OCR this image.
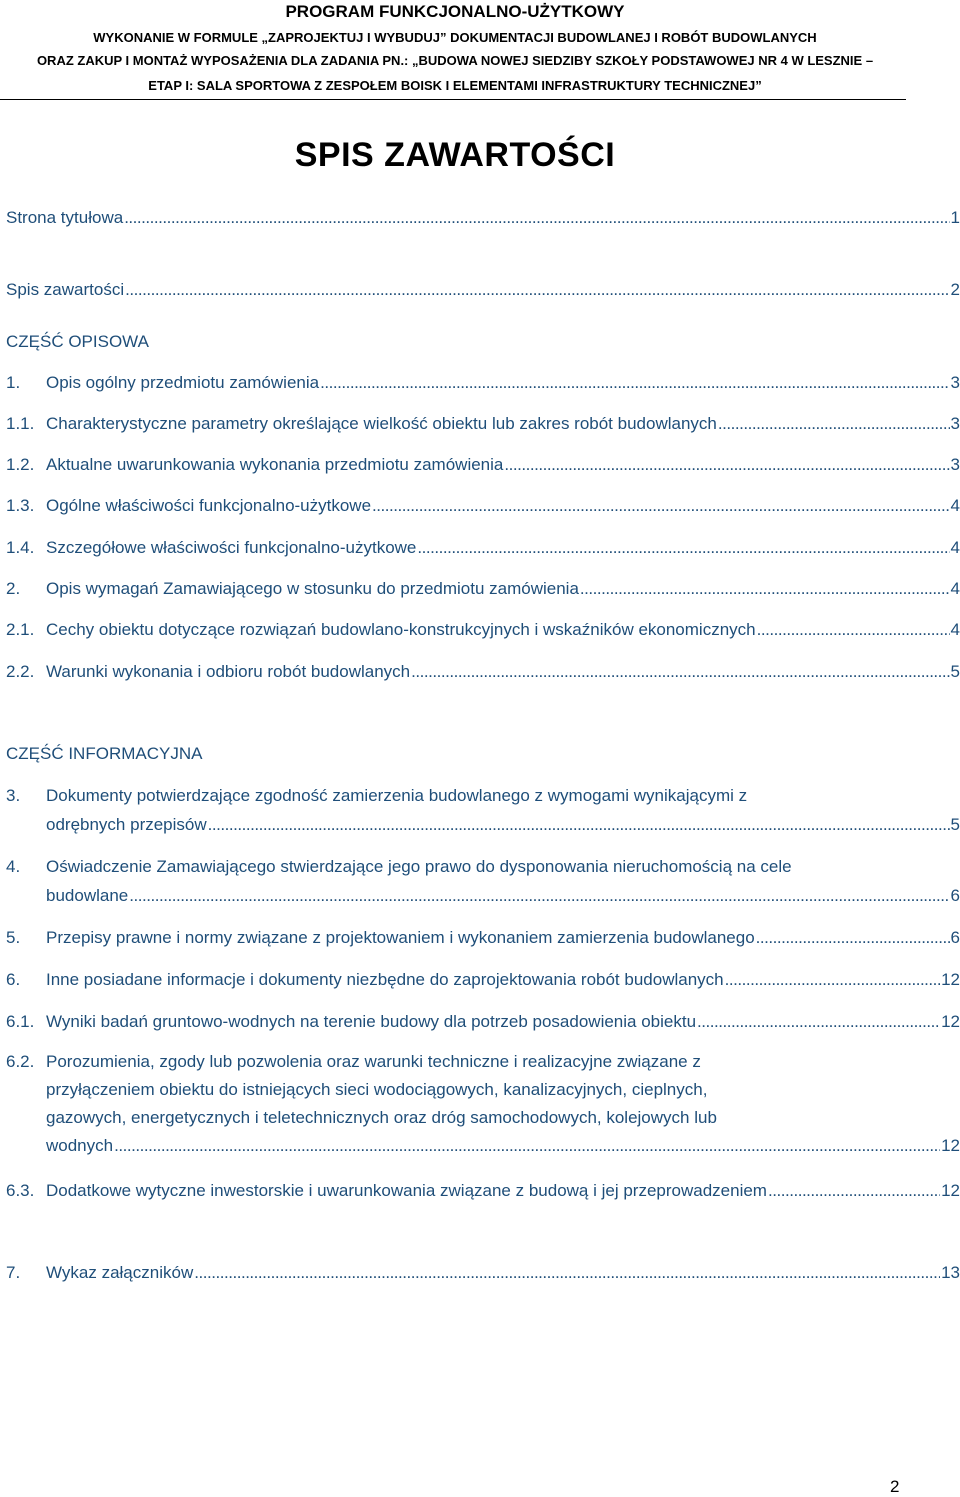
PROGRAM FUNKCJONALNO-UŻYTKOWY
WYKONANIE W FORMULE „ZAPROJEKTUJ I WYBUDUJ” DOKUMENTACJI BUDOWLANEJ I ROBÓT BUDOWLANYCH
ORAZ ZAKUP I MONTAŻ WYPOSAŻENIA DLA ZADANIA PN.: „BUDOWA NOWEJ SIEDZIBY SZKOŁY PODSTAWOWEJ NR 4 W LESZNIE –
ETAP I: SALA SPORTOWA Z ZESPOŁEM BOISK I ELEMENTAMI INFRASTRUKTURY TECHNICZNEJ”
SPIS ZAWARTOŚCI
Strona tytułowa . . .	1
Spis zawartości . . .	2
CZĘŚĆ OPISOWA
1.	Opis ogólny przedmiotu zamówienia . . .	3
1.1. Charakterystyczne parametry określające wielkość obiektu lub zakres robót budowlanych . . .	3
1.2. Aktualne uwarunkowania wykonania przedmiotu zamówienia . . .	3
1.3. Ogólne właściwości funkcjonalno-użytkowe . . .	4
1.4. Szczegółowe właściwości funkcjonalno-użytkowe . . .	4
2.	Opis wymagań Zamawiającego w stosunku do przedmiotu zamówienia . . .	4
2.1. Cechy obiektu dotyczące rozwiązań budowlano-konstrukcyjnych i wskaźników ekonomicznych . . .	4
2.2. Warunki wykonania i odbioru robót budowlanych . . .	5
CZĘŚĆ INFORMACYJNA
3.	Dokumenty potwierdzające zgodność zamierzenia budowlanego z wymogami wynikającymi z
odrębnych przepisów . . .	5
4.	Oświadczenie Zamawiającego stwierdzające jego prawo do dysponowania nieruchomością na cele
budowlane . . .	6
5.	Przepisy prawne i normy związane z projektowaniem i wykonaniem zamierzenia budowlanego . . .	6
6.	Inne posiadane informacje i dokumenty niezbędne do zaprojektowania robót budowlanych . . .	12
6.1. Wyniki badań gruntowo-wodnych na terenie budowy dla potrzeb posadowienia obiektu . . .	12
6.2. Porozumienia, zgody lub pozwolenia oraz warunki techniczne i realizacyjne związane z
przyłączeniem obiektu do istniejących sieci wodociągowych, kanalizacyjnych, cieplnych,
gazowych, energetycznych i teletechnicznych oraz dróg samochodowych, kolejowych lub
wodnych . . .	12
6.3. Dodatkowe wytyczne inwestorskie i uwarunkowania związane z budową i jej przeprowadzeniem . . .	12
7.	Wykaz załączników . . .	13
2
